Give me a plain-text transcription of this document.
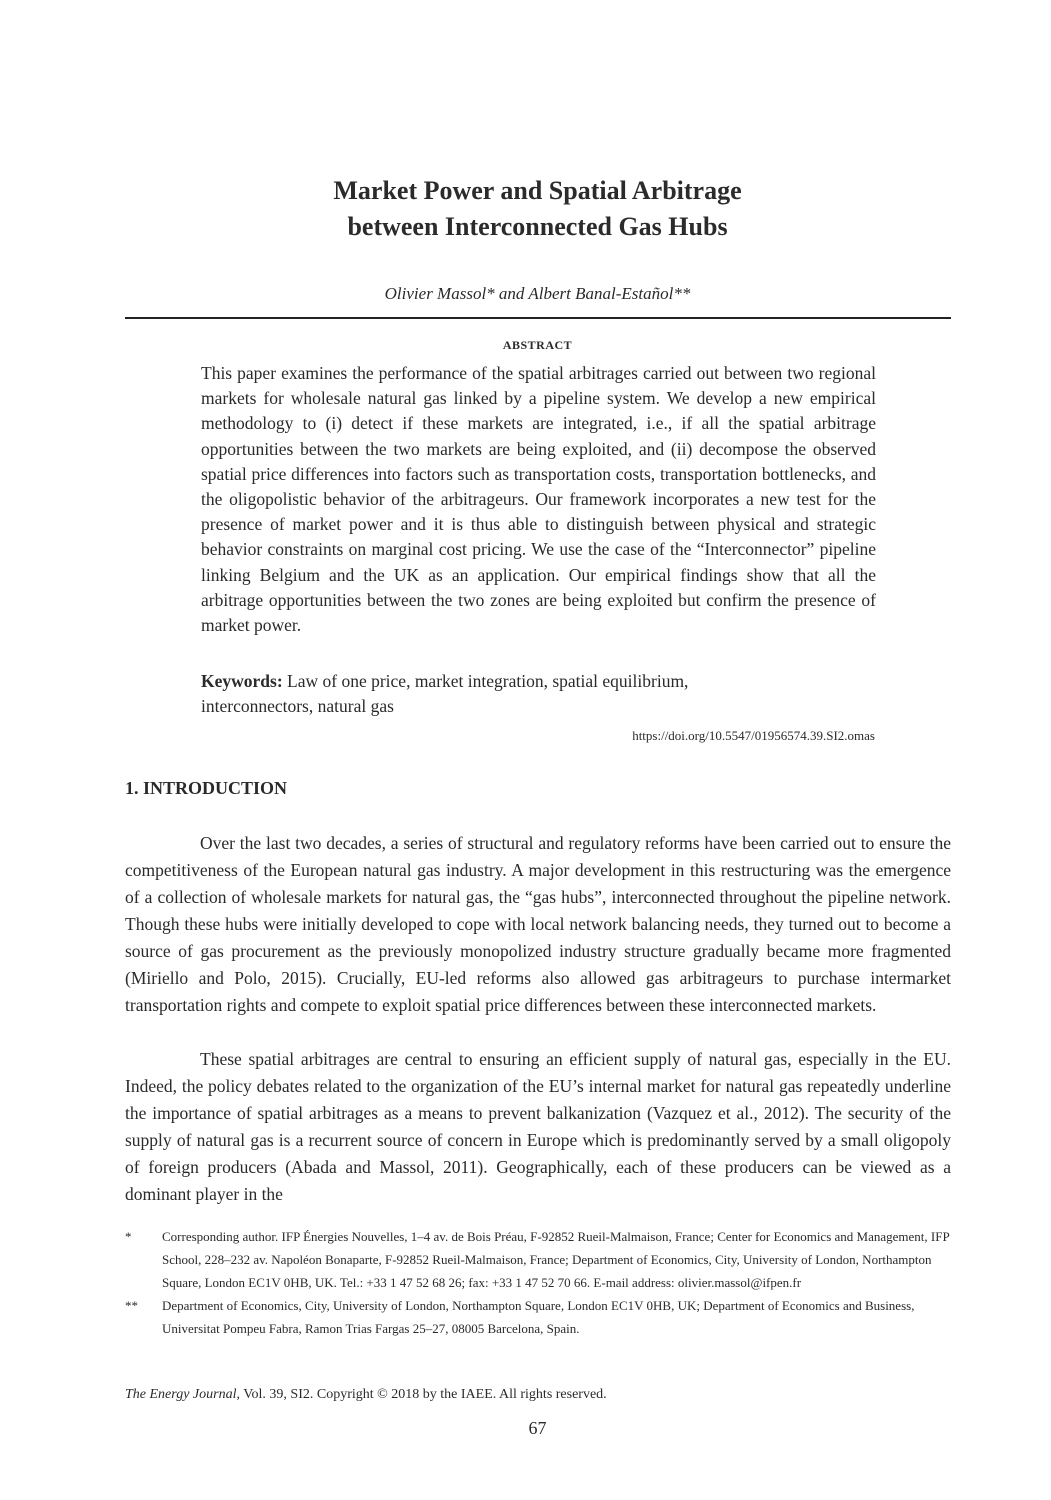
Market Power and Spatial Arbitrage
between Interconnected Gas Hubs
Olivier Massol* and Albert Banal-Estañol**
ABSTRACT

This paper examines the performance of the spatial arbitrages carried out between two regional markets for wholesale natural gas linked by a pipeline system. We develop a new empirical methodology to (i) detect if these markets are integrated, i.e., if all the spatial arbitrage opportunities between the two markets are being exploited, and (ii) decompose the observed spatial price differences into factors such as transportation costs, transportation bottlenecks, and the oligopolistic behavior of the arbitrageurs. Our framework incorporates a new test for the presence of market power and it is thus able to distinguish between physical and strategic behavior constraints on marginal cost pricing. We use the case of the “Interconnector” pipeline linking Belgium and the UK as an application. Our empirical findings show that all the arbitrage opportunities between the two zones are being exploited but confirm the presence of market power.

Keywords: Law of one price, market integration, spatial equilibrium,
interconnectors, natural gas

https://doi.org/10.5547/01956574.39.SI2.omas
1. INTRODUCTION

Over the last two decades, a series of structural and regulatory reforms have been carried out to ensure the competitiveness of the European natural gas industry. A major development in this restructuring was the emergence of a collection of wholesale markets for natural gas, the “gas hubs”, interconnected throughout the pipeline network. Though these hubs were initially developed to cope with local network balancing needs, they turned out to become a source of gas procurement as the previously monopolized industry structure gradually became more fragmented (Miriello and Polo, 2015). Crucially, EU-led reforms also allowed gas arbitrageurs to purchase intermarket transportation rights and compete to exploit spatial price differences between these interconnected markets.

These spatial arbitrages are central to ensuring an efficient supply of natural gas, especially in the EU. Indeed, the policy debates related to the organization of the EU’s internal market for natural gas repeatedly underline the importance of spatial arbitrages as a means to prevent balkanization (Vazquez et al., 2012). The security of the supply of natural gas is a recurrent source of concern in Europe which is predominantly served by a small oligopoly of foreign producers (Abada and Massol, 2011). Geographically, each of these producers can be viewed as a dominant player in the

*	Corresponding author. IFP Énergies Nouvelles, 1–4 av. de Bois Préau, F-92852 Rueil-Malmaison, France; Center for Economics and Management, IFP School, 228–232 av. Napoléon Bonaparte, F-92852 Rueil-Malmaison, France; Department of Economics, City, University of London, Northampton Square, London EC1V 0HB, UK. Tel.: +33 1 47 52 68 26; fax: +33 1 47 52 70 66. E-mail address: olivier.massol@ifpen.fr
**	Department of Economics, City, University of London, Northampton Square, London EC1V 0HB, UK; Department of Economics and Business, Universitat Pompeu Fabra, Ramon Trias Fargas 25–27, 08005 Barcelona, Spain.
The Energy Journal, Vol. 39, SI2. Copyright © 2018 by the IAEE. All rights reserved.
67
